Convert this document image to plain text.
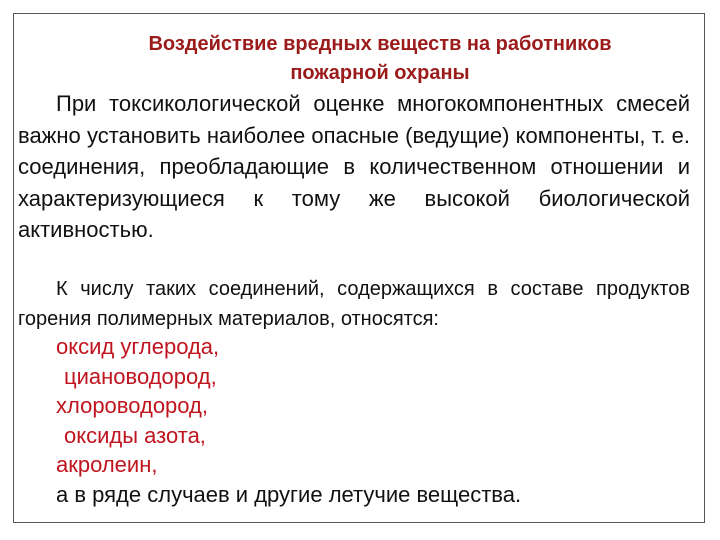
Воздействие вредных веществ на работников
пожарной охраны
При токсикологической оценке многокомпонентных смесей важно установить наиболее опасные (ведущие) компоненты, т. е. соединения, преобладающие в количественном отношении и характеризующиеся к тому же высокой биологической активностью.
К числу таких соединений, содержащихся в составе продуктов горения полимерных материалов, относятся:
оксид углерода,
циановодород,
хлороводород,
оксиды азота,
акролеин,
а в ряде случаев и другие летучие вещества.
